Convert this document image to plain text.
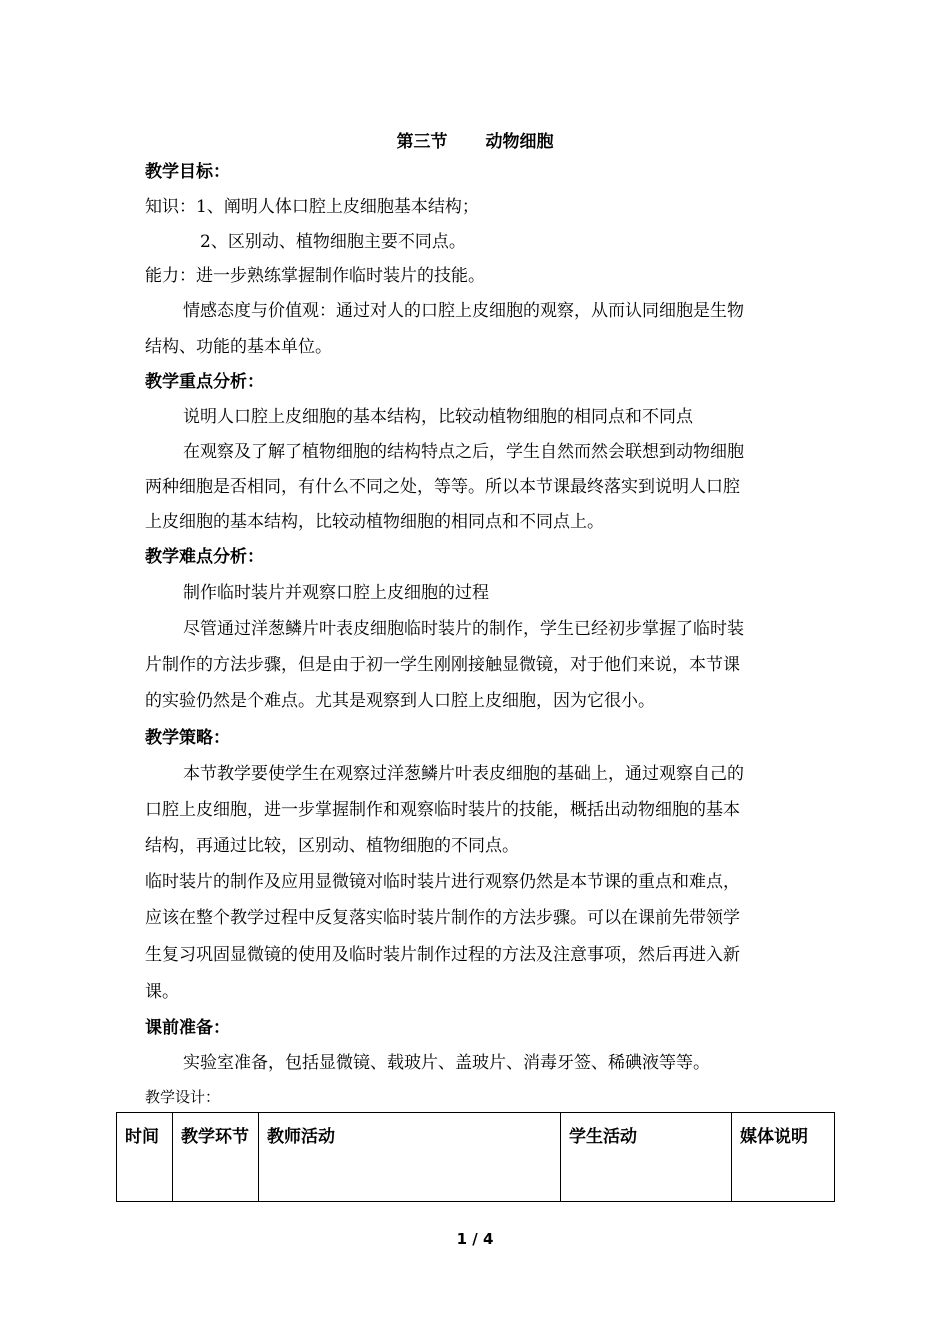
第三节 动物细胞
教学目标：
知识：1、阐明人体口腔上皮细胞基本结构；
2、区别动、植物细胞主要不同点。
能力：进一步熟练掌握制作临时装片的技能。
情感态度与价值观：通过对人的口腔上皮细胞的观察，从而认同细胞是生物
结构、功能的基本单位。
教学重点分析：
说明人口腔上皮细胞的基本结构，比较动植物细胞的相同点和不同点
在观察及了解了植物细胞的结构特点之后，学生自然而然会联想到动物细胞
两种细胞是否相同，有什么不同之处，等等。所以本节课最终落实到说明人口腔
上皮细胞的基本结构，比较动植物细胞的相同点和不同点上。
教学难点分析：
制作临时装片并观察口腔上皮细胞的过程
尽管通过洋葱鳞片叶表皮细胞临时装片的制作，学生已经初步掌握了临时装
片制作的方法步骤，但是由于初一学生刚刚接触显微镜，对于他们来说，本节课
的实验仍然是个难点。尤其是观察到人口腔上皮细胞，因为它很小。
教学策略：
本节教学要使学生在观察过洋葱鳞片叶表皮细胞的基础上，通过观察自己的
口腔上皮细胞，进一步掌握制作和观察临时装片的技能，概括出动物细胞的基本
结构，再通过比较，区别动、植物细胞的不同点。
临时装片的制作及应用显微镜对临时装片进行观察仍然是本节课的重点和难点，
应该在整个教学过程中反复落实临时装片制作的方法步骤。可以在课前先带领学
生复习巩固显微镜的使用及临时装片制作过程的方法及注意事项，然后再进入新
课。
课前准备：
实验室准备，包括显微镜、载玻片、盖玻片、消毒牙签、稀碘液等等。
教学设计：
时间	教学环节	教师活动	学生活动	媒体说明
1 / 4
